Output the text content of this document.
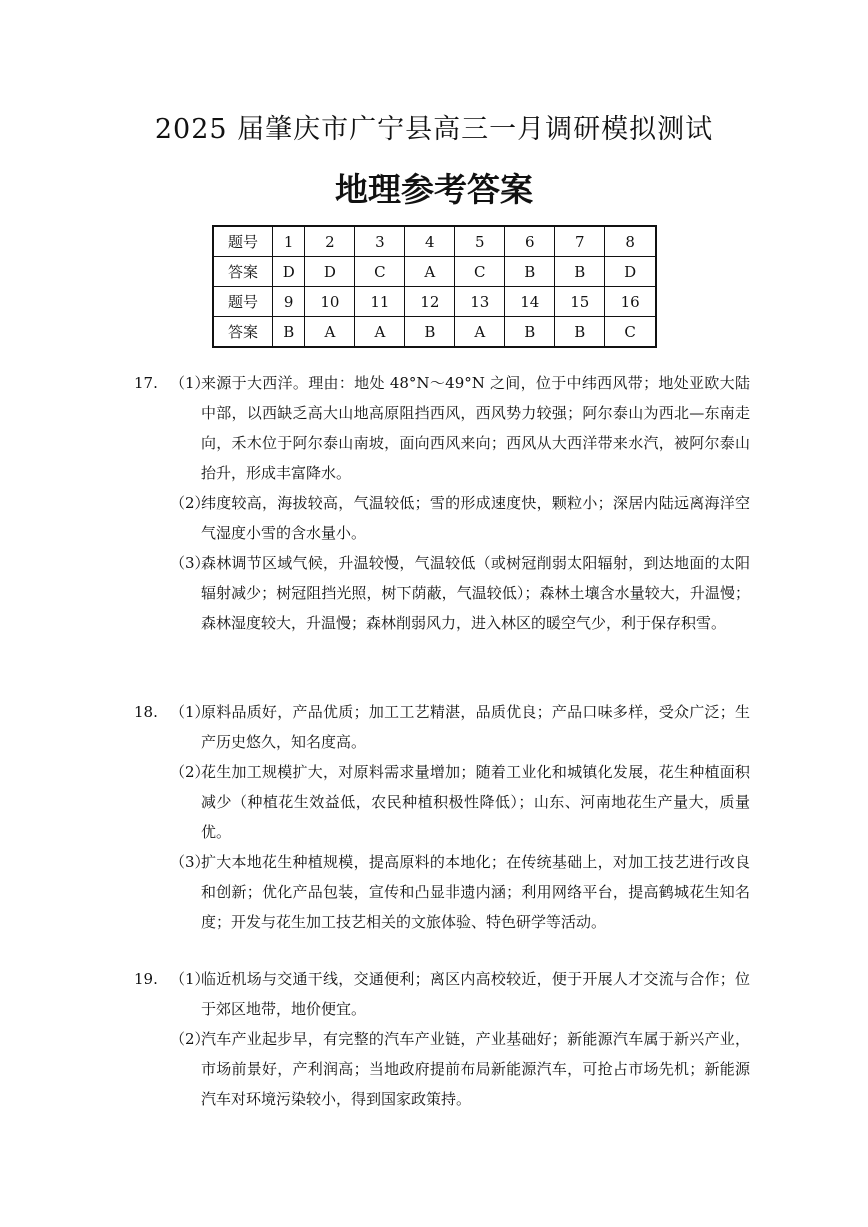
2025 届肇庆市广宁县高三一月调研模拟测试
地理参考答案
题号	1	2	3	4	5	6	7	8
答案	D	D	C	A	C	B	B	D
题号	9	10	11	12	13	14	15	16
答案	B	A	A	B	A	B	B	C
17. （1）
来源于大西洋。理由：地处 48°N～49°N 之间，位于中纬西风带；地处亚欧大陆中部，以西缺乏高大山地高原阻挡西风，西风势力较强；阿尔泰山为西北—东南走向，禾木位于阿尔泰山南坡，面向西风来向；西风从大西洋带来水汽，被阿尔泰山抬升，形成丰富降水。
（2）
纬度较高，海拔较高，气温较低；雪的形成速度快，颗粒小；深居内陆远离海洋空气湿度小雪的含水量小。
（3）
森林调节区域气候，升温较慢，气温较低（或树冠削弱太阳辐射，到达地面的太阳辐射减少；树冠阻挡光照，树下荫蔽，气温较低）；森林土壤含水量较大，升温慢；森林湿度较大，升温慢；森林削弱风力，进入林区的暖空气少，利于保存积雪。
18. （1）
原料品质好，产品优质；加工工艺精湛，品质优良；产品口味多样，受众广泛；生产历史悠久，知名度高。
（2）
花生加工规模扩大，对原料需求量增加；随着工业化和城镇化发展，花生种植面积减少（种植花生效益低，农民种植积极性降低）；山东、河南地花生产量大，质量优。
（3）
扩大本地花生种植规模，提高原料的本地化；在传统基础上，对加工技艺进行改良和创新；优化产品包装，宣传和凸显非遗内涵；利用网络平台，提高鹤城花生知名度；开发与花生加工技艺相关的文旅体验、特色研学等活动。
19. （1）
临近机场与交通干线，交通便利；离区内高校较近，便于开展人才交流与合作；位于郊区地带，地价便宜。
（2）
汽车产业起步早，有完整的汽车产业链，产业基础好；新能源汽车属于新兴产业，市场前景好，产利润高；当地政府提前布局新能源汽车，可抢占市场先机；新能源汽车对环境污染较小，得到国家政策持。
